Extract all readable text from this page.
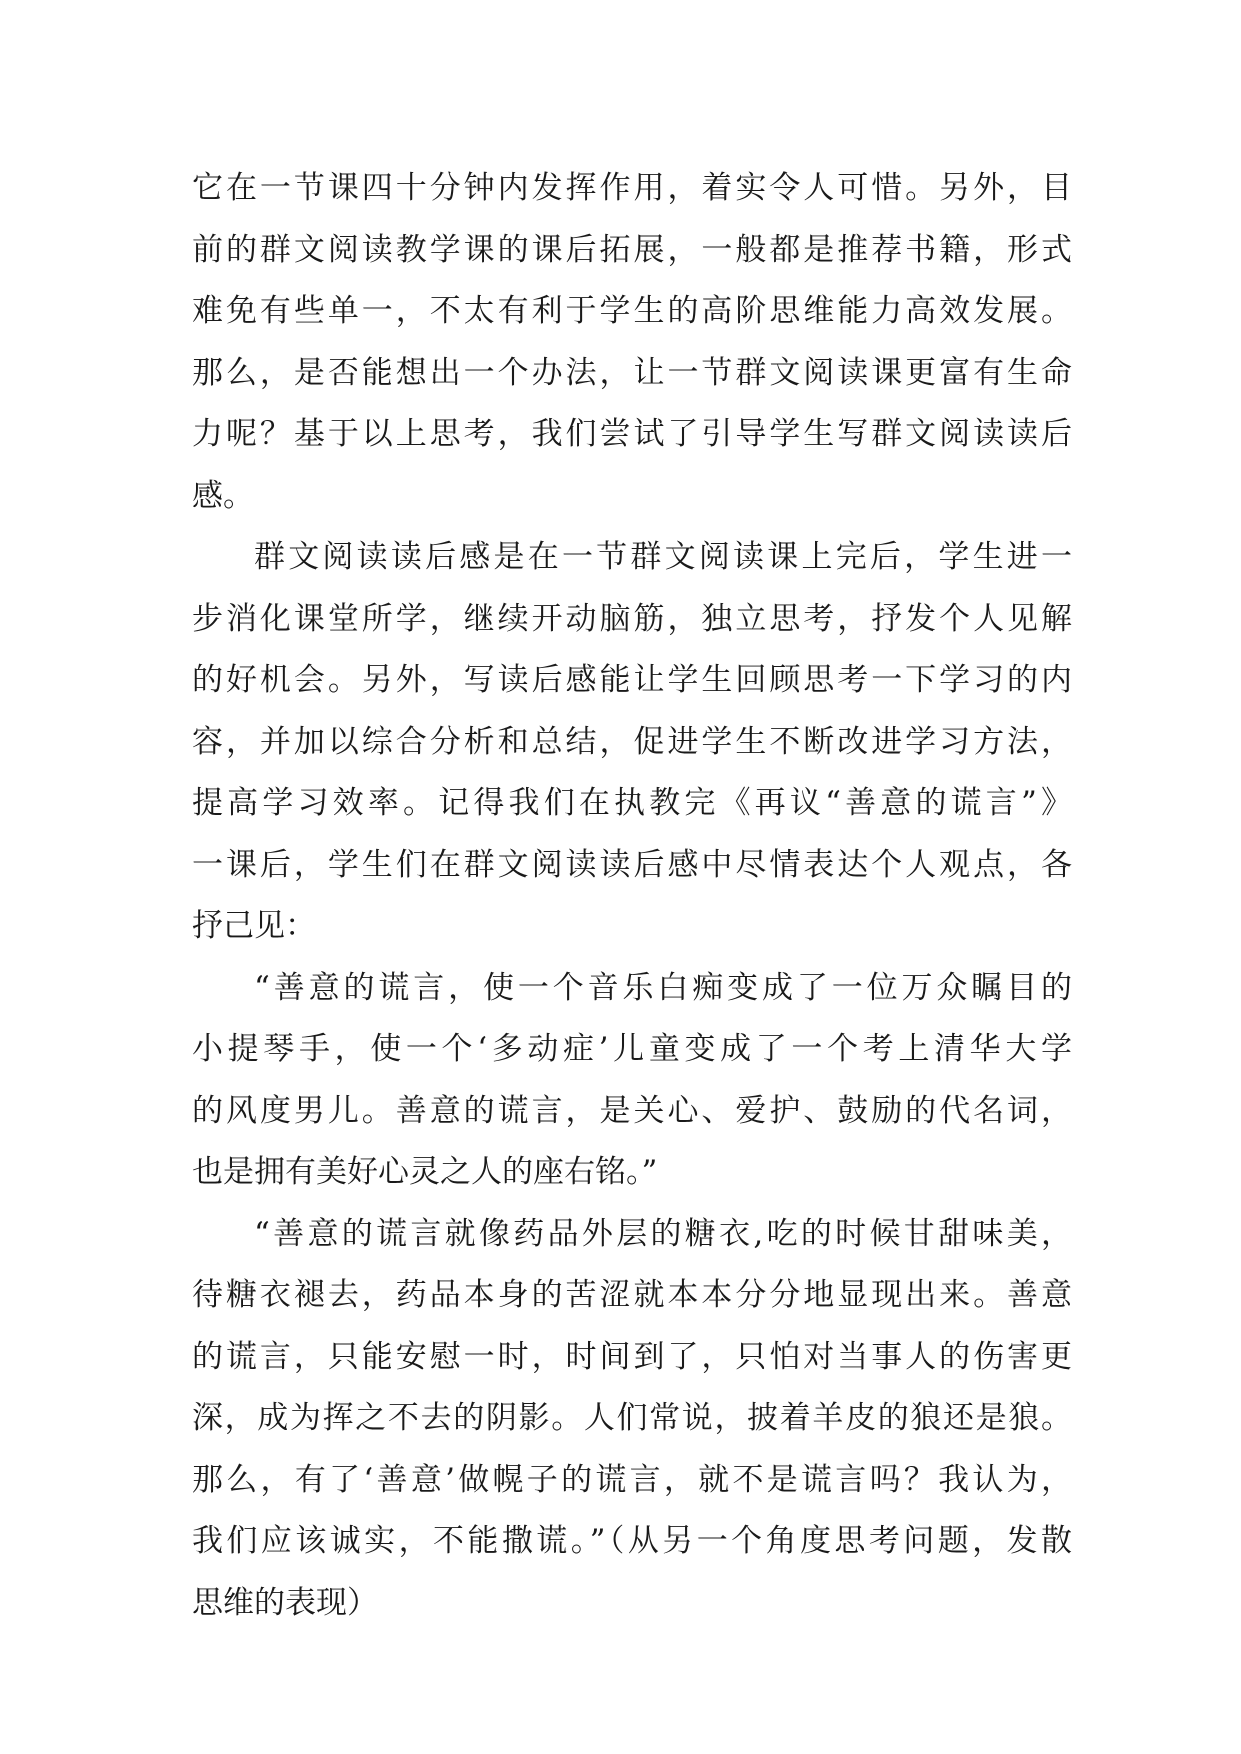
它在一节课四十分钟内发挥作用，着实令人可惜。另外，目
前的群文阅读教学课的课后拓展，一般都是推荐书籍，形式
难免有些单一，不太有利于学生的高阶思维能力高效发展。
那么，是否能想出一个办法，让一节群文阅读课更富有生命
力呢？基于以上思考，我们尝试了引导学生写群文阅读读后
感。
群文阅读读后感是在一节群文阅读课上完后，学生进一
步消化课堂所学，继续开动脑筋，独立思考，抒发个人见解
的好机会。另外，写读后感能让学生回顾思考一下学习的内
容，并加以综合分析和总结，促进学生不断改进学习方法，
提高学习效率。记得我们在执教完《再议“善意的谎言”》
一课后，学生们在群文阅读读后感中尽情表达个人观点，各
抒己见：
“善意的谎言，使一个音乐白痴变成了一位万众瞩目的
小提琴手，使一个‘多动症’儿童变成了一个考上清华大学
的风度男儿。善意的谎言，是关心、爱护、鼓励的代名词，
也是拥有美好心灵之人的座右铭。”
“善意的谎言就像药品外层的糖衣,吃的时候甘甜味美，
待糖衣褪去，药品本身的苦涩就本本分分地显现出来。善意
的谎言，只能安慰一时，时间到了，只怕对当事人的伤害更
深，成为挥之不去的阴影。人们常说，披着羊皮的狼还是狼。
那么，有了‘善意’做幌子的谎言，就不是谎言吗？我认为，
我们应该诚实，不能撒谎。”（从另一个角度思考问题，发散
思维的表现）
